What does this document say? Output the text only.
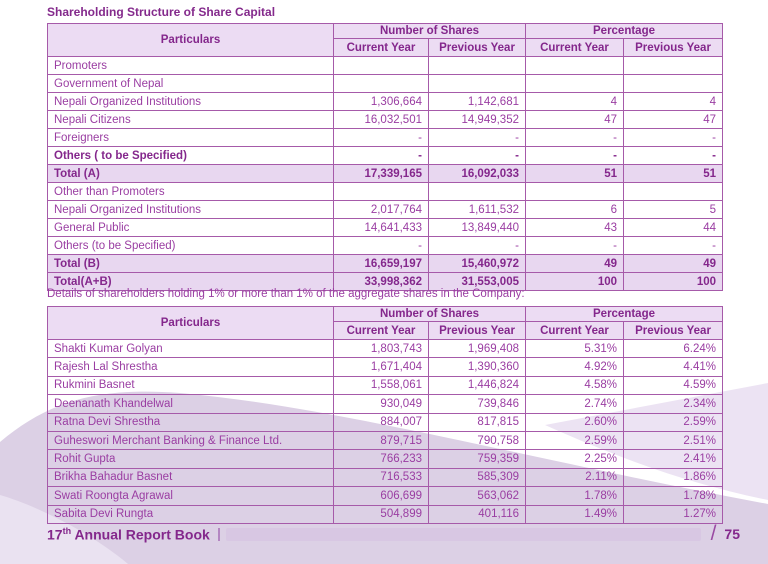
Shareholding Structure of Share Capital
Particulars	Number of Shares		Percentage	
	Current Year	Previous Year	Current Year	Previous Year
Promoters				
Government of Nepal				
Nepali Organized Institutions	1,306,664	1,142,681	4	4
Nepali Citizens	16,032,501	14,949,352	47	47
Foreigners	-	-	-	-
Others ( to be Specified)	-	-	-	-
Total (A)	17,339,165	16,092,033	51	51
Other than Promoters				
Nepali Organized Institutions	2,017,764	1,611,532	6	5
General Public	14,641,433	13,849,440	43	44
Others (to be Specified)	-	-	-	-
Total (B)	16,659,197	15,460,972	49	49
Total(A+B)	33,998,362	31,553,005	100	100
Details of shareholders holding 1% or more than 1% of the aggregate shares in the Company:
Particulars	Number of Shares		Percentage	
	Current Year	Previous Year	Current Year	Previous Year
Shakti Kumar Golyan	1,803,743	1,969,408	5.31%	6.24%
Rajesh Lal Shrestha	1,671,404	1,390,360	4.92%	4.41%
Rukmini Basnet	1,558,061	1,446,824	4.58%	4.59%
Deenanath Khandelwal	930,049	739,846	2.74%	2.34%
Ratna Devi Shrestha	884,007	817,815	2.60%	2.59%
Guheswori Merchant Banking & Finance Ltd.	879,715	790,758	2.59%	2.51%
Rohit Gupta	766,233	759,359	2.25%	2.41%
Brikha Bahadur Basnet	716,533	585,309	2.11%	1.86%
Swati Roongta Agrawal	606,699	563,062	1.78%	1.78%
Sabita Devi Rungta	504,899	401,116	1.49%	1.27%
17th Annual Report Book	/ 75
